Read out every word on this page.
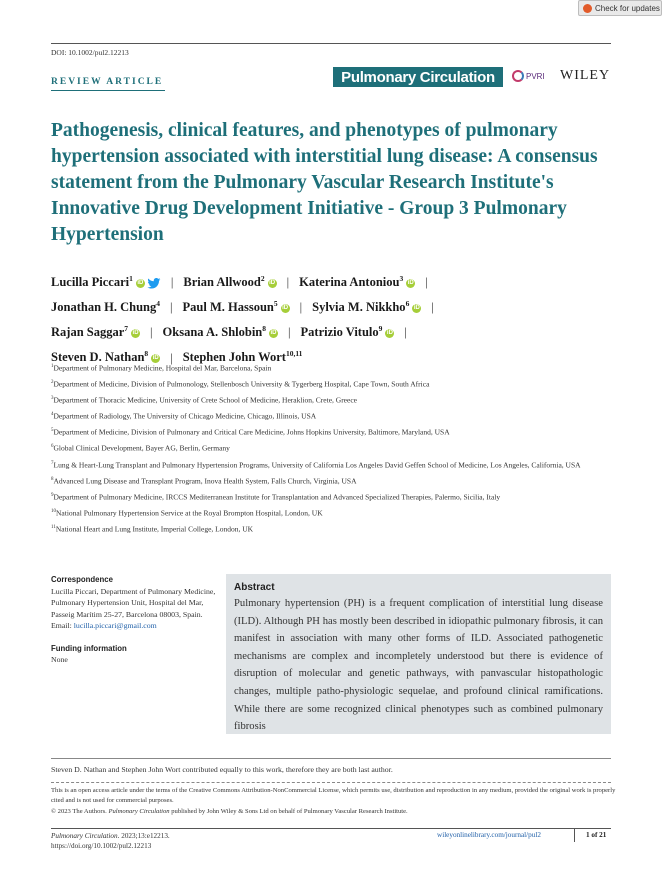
Check for updates
DOI: 10.1002/pul2.12213
REVIEW ARTICLE	Pulmonary Circulation	PVRI WILEY
Pathogenesis, clinical features, and phenotypes of pulmonary hypertension associated with interstitial lung disease: A consensus statement from the Pulmonary Vascular Research Institute's Innovative Drug Development Initiative - Group 3 Pulmonary Hypertension
Lucilla Piccari$^1$ iD | Brian Allwood$^2$ iD | Katerina Antoniou$^3$ iD |
Jonathan H. Chung$^4$ | Paul M. Hassoun$^5$ iD | Sylvia M. Nikkho$^6$ iD |
Rajan Saggar$^7$ iD | Oksana A. Shlobin$^8$ iD | Patrizio Vitulo$^9$ iD |
Steven D. Nathan$^8$ iD | Stephen John Wort$^{10,11}$
$^1$Department of Pulmonary Medicine, Hospital del Mar, Barcelona, Spain
$^2$Department of Medicine, Division of Pulmonology, Stellenbosch University & Tygerberg Hospital, Cape Town, South Africa
$^3$Department of Thoracic Medicine, University of Crete School of Medicine, Heraklion, Crete, Greece
$^4$Department of Radiology, The University of Chicago Medicine, Chicago, Illinois, USA
$^5$Department of Medicine, Division of Pulmonary and Critical Care Medicine, Johns Hopkins University, Baltimore, Maryland, USA
$^6$Global Clinical Development, Bayer AG, Berlin, Germany
$^7$Lung & Heart-Lung Transplant and Pulmonary Hypertension Programs, University of California Los Angeles David Geffen School of Medicine, Los Angeles, California, USA
$^8$Advanced Lung Disease and Transplant Program, Inova Health System, Falls Church, Virginia, USA
$^9$Department of Pulmonary Medicine, IRCCS Mediterranean Institute for Transplantation and Advanced Specialized Therapies, Palermo, Sicilia, Italy
$^{10}$National Pulmonary Hypertension Service at the Royal Brompton Hospital, London, UK
$^{11}$National Heart and Lung Institute, Imperial College, London, UK
Correspondence
Lucilla Piccari, Department of Pulmonary Medicine, Pulmonary Hypertension Unit, Hospital del Mar, Passeig Marítim 25-27, Barcelona 08003, Spain.
Email: lucilla.piccari@gmail.com
Funding information
None
Abstract
Pulmonary hypertension (PH) is a frequent complication of interstitial lung disease (ILD). Although PH has mostly been described in idiopathic pulmonary fibrosis, it can manifest in association with many other forms of ILD. Associated pathogenetic mechanisms are complex and incompletely understood but there is evidence of disruption of molecular and genetic pathways, with panvascular histopathologic changes, multiple patho-physiologic sequelae, and profound clinical ramifications. While there are some recognized clinical phenotypes such as combined pulmonary fibrosis
Steven D. Nathan and Stephen John Wort contributed equally to this work, therefore they are both last author.
This is an open access article under the terms of the Creative Commons Attribution-NonCommercial License, which permits use, distribution and reproduction in any medium, provided the original work is properly cited and is not used for commercial purposes.
© 2023 The Authors. Pulmonary Circulation published by John Wiley & Sons Ltd on behalf of Pulmonary Vascular Research Institute.
Pulmonary Circulation. 2023;13:e12213.
https://doi.org/10.1002/pul2.12213
wileyonlinelibrary.com/journal/pul2	1 of 21
